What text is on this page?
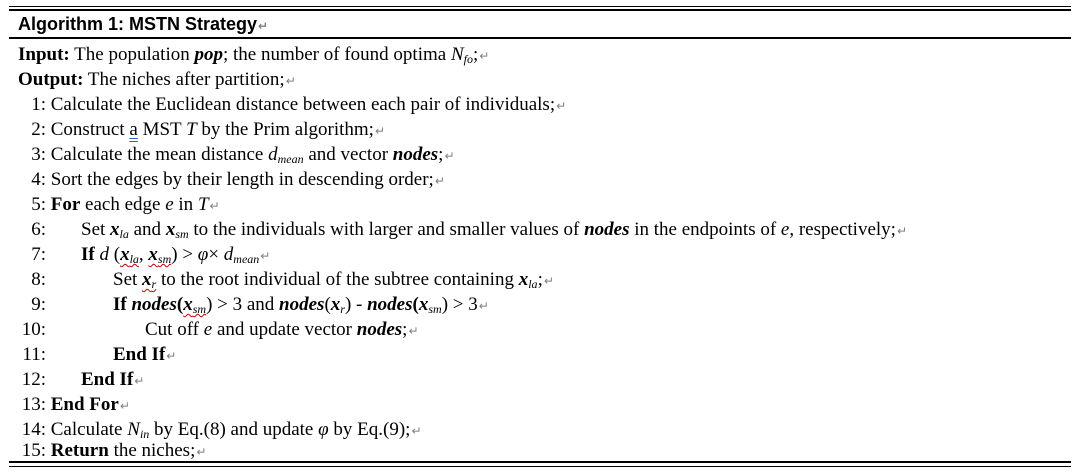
Algorithm 1: MSTN Strategy↵
Input: The population pop; the number of found optima $N_{fo};↵$
Output: The niches after partition;↵
1: Calculate the Euclidean distance between each pair of individuals;↵
2: Construct a MST T by the Prim algorithm;↵
3: Calculate the mean distance $d_{mean}$ and vector nodes;↵
4: Sort the edges by their length in descending order;↵
5: For each edge e in T↵
6: Set $x_{la}$ and $x_{sm}$ to the individuals with larger and smaller values of nodes in the endpoints of e, respectively;↵
7: If d ($x_{la}$, $x_{sm}) > \varphi\times$ $d_{mean}↵$
8:	Set $x_r$ to the root individual of the subtree containing $x_{la};↵$
9:	If $nodes(x_{sm}) > 3$ and $nodes(x_r)$ - $nodes(x_{sm})$ > 3↵
10:	Cut off e and update vector nodes;↵
11:	End If↵
12: End If↵
13: End For↵
14: Calculate $N_{in}$ by Eq.(8) and update φ by Eq.(9);↵
15: Return the niches;↵
